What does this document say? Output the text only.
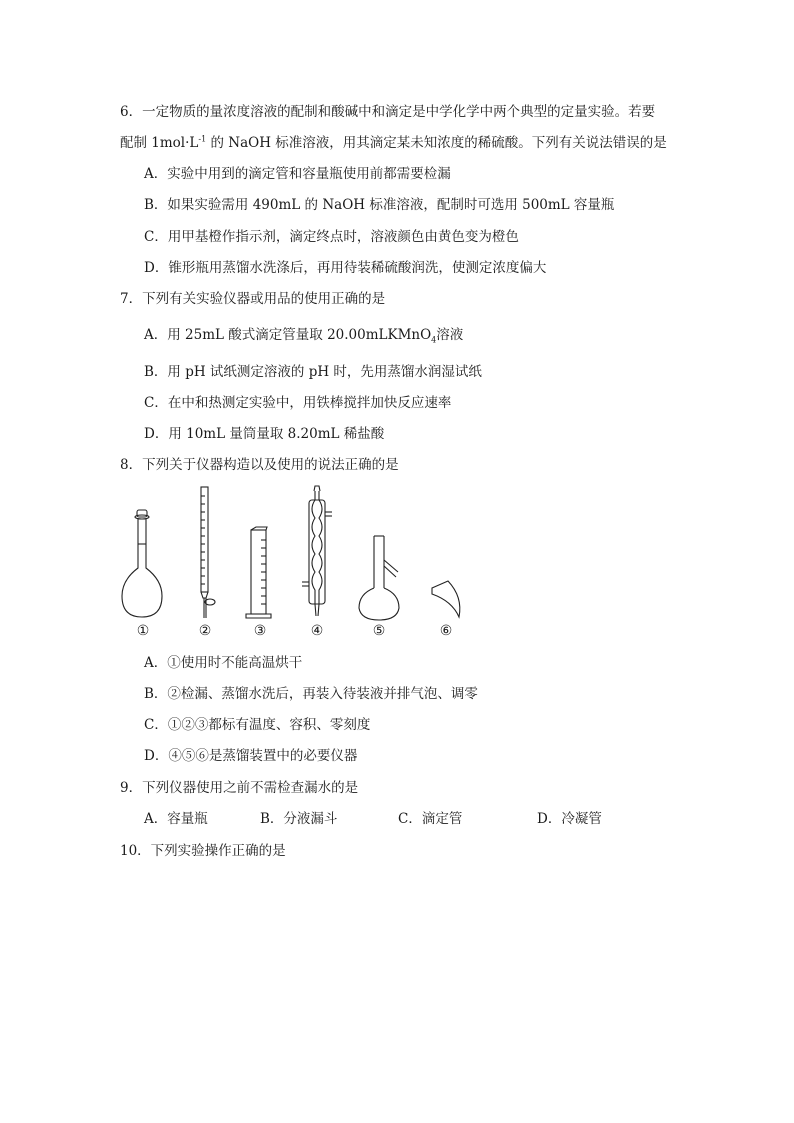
6．一定物质的量浓度溶液的配制和酸碱中和滴定是中学化学中两个典型的定量实验。若要
配制 $1mol\cdot L^{-1}$ 的 NaOH 标准溶液，用其滴定某未知浓度的稀硫酸。下列有关说法错误的是
A．实验中用到的滴定管和容量瓶使用前都需要检漏
B．如果实验需用 490mL 的 NaOH 标准溶液，配制时可选用 500mL 容量瓶
C．用甲基橙作指示剂，滴定终点时，溶液颜色由黄色变为橙色
D．锥形瓶用蒸馏水洗涤后，再用待装稀硫酸润洗，使测定浓度偏大
7．下列有关实验仪器或用品的使用正确的是
A．用 25mL 酸式滴定管量取 20.00mLKMnO$_4$溶液
B．用 pH 试纸测定溶液的 pH 时，先用蒸馏水润湿试纸
C．在中和热测定实验中，用铁棒搅拌加快反应速率
D．用 10mL 量筒量取 8.20mL 稀盐酸
8．下列关于仪器构造以及使用的说法正确的是
①	②	③	④	⑤	⑥
A．①使用时不能高温烘干
B．②检漏、蒸馏水洗后，再装入待装液并排气泡、调零
C．①②③都标有温度、容积、零刻度
D．④⑤⑥是蒸馏装置中的必要仪器
9．下列仪器使用之前不需检查漏水的是
A．容量瓶	B．分液漏斗	C．滴定管	D．冷凝管
10．下列实验操作正确的是
